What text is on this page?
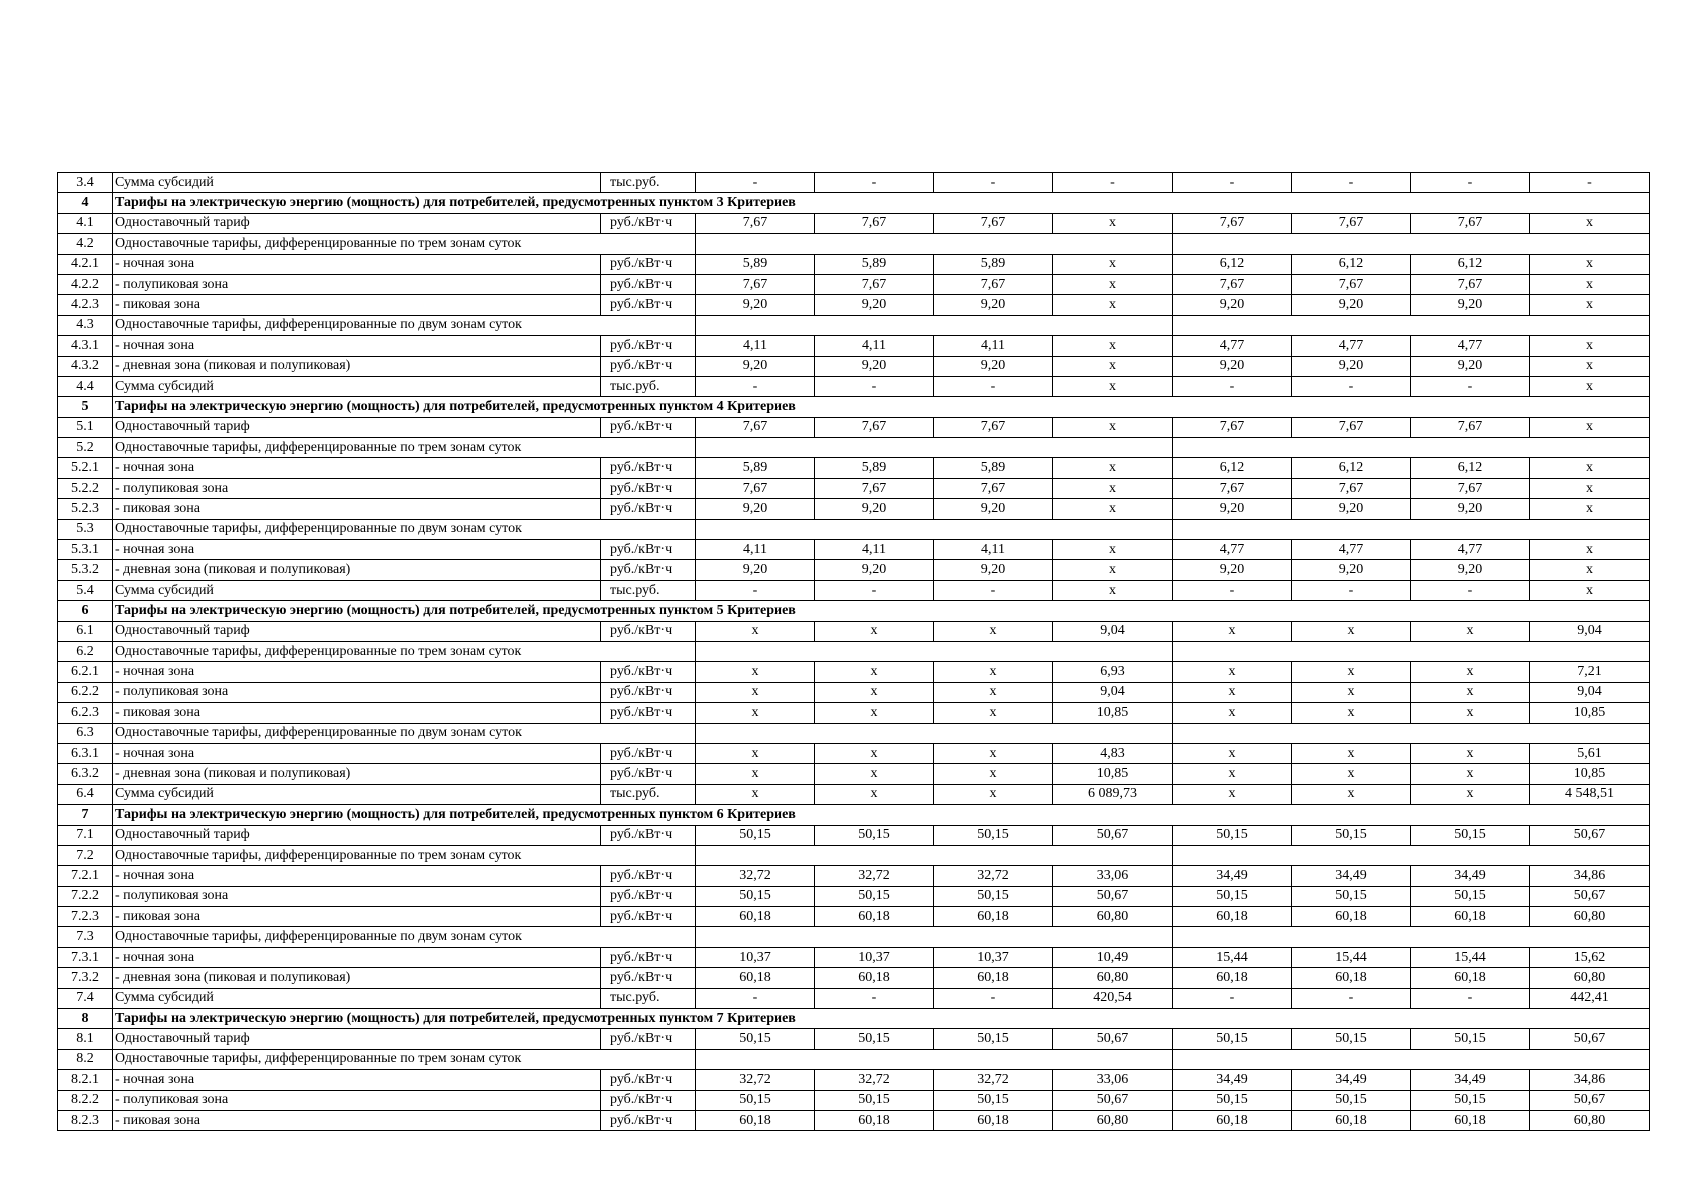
3.4	Сумма субсидий	тыс.руб.	-	-	-	-	-	-	-	-
4	Тарифы на электрическую энергию (мощность) для потребителей, предусмотренных пунктом 3 Критериев									
4.1	Одноставочный тариф	руб./кВт·ч	7,67	7,67	7,67	x	7,67	7,67	7,67	x
4.2	Одноставочные тарифы, дифференцированные по трем зонам суток									
4.2.1	- ночная зона	руб./кВт·ч	5,89	5,89	5,89	x	6,12	6,12	6,12	x
4.2.2	- полупиковая зона	руб./кВт·ч	7,67	7,67	7,67	x	7,67	7,67	7,67	x
4.2.3	- пиковая зона	руб./кВт·ч	9,20	9,20	9,20	x	9,20	9,20	9,20	x
4.3	Одноставочные тарифы, дифференцированные по двум зонам суток									
4.3.1	- ночная зона	руб./кВт·ч	4,11	4,11	4,11	x	4,77	4,77	4,77	x
4.3.2	- дневная зона (пиковая и полупиковая)	руб./кВт·ч	9,20	9,20	9,20	x	9,20	9,20	9,20	x
4.4	Сумма субсидий	тыс.руб.	-	-	-	x	-	-	-	x
5	Тарифы на электрическую энергию (мощность) для потребителей, предусмотренных пунктом 4 Критериев									
5.1	Одноставочный тариф	руб./кВт·ч	7,67	7,67	7,67	x	7,67	7,67	7,67	x
5.2	Одноставочные тарифы, дифференцированные по трем зонам суток									
5.2.1	- ночная зона	руб./кВт·ч	5,89	5,89	5,89	x	6,12	6,12	6,12	x
5.2.2	- полупиковая зона	руб./кВт·ч	7,67	7,67	7,67	x	7,67	7,67	7,67	x
5.2.3	- пиковая зона	руб./кВт·ч	9,20	9,20	9,20	x	9,20	9,20	9,20	x
5.3	Одноставочные тарифы, дифференцированные по двум зонам суток									
5.3.1	- ночная зона	руб./кВт·ч	4,11	4,11	4,11	x	4,77	4,77	4,77	x
5.3.2	- дневная зона (пиковая и полупиковая)	руб./кВт·ч	9,20	9,20	9,20	x	9,20	9,20	9,20	x
5.4	Сумма субсидий	тыс.руб.	-	-	-	x	-	-	-	x
6	Тарифы на электрическую энергию (мощность) для потребителей, предусмотренных пунктом 5 Критериев									
6.1	Одноставочный тариф	руб./кВт·ч	x	x	x	9,04	x	x	x	9,04
6.2	Одноставочные тарифы, дифференцированные по трем зонам суток									
6.2.1	- ночная зона	руб./кВт·ч	x	x	x	6,93	x	x	x	7,21
6.2.2	- полупиковая зона	руб./кВт·ч	x	x	x	9,04	x	x	x	9,04
6.2.3	- пиковая зона	руб./кВт·ч	x	x	x	10,85	x	x	x	10,85
6.3	Одноставочные тарифы, дифференцированные по двум зонам суток									
6.3.1	- ночная зона	руб./кВт·ч	x	x	x	4,83	x	x	x	5,61
6.3.2	- дневная зона (пиковая и полупиковая)	руб./кВт·ч	x	x	x	10,85	x	x	x	10,85
6.4	Сумма субсидий	тыс.руб.	x	x	x	6 089,73	x	x	x	4 548,51
7	Тарифы на электрическую энергию (мощность) для потребителей, предусмотренных пунктом 6 Критериев									
7.1	Одноставочный тариф	руб./кВт·ч	50,15	50,15	50,15	50,67	50,15	50,15	50,15	50,67
7.2	Одноставочные тарифы, дифференцированные по трем зонам суток									
7.2.1	- ночная зона	руб./кВт·ч	32,72	32,72	32,72	33,06	34,49	34,49	34,49	34,86
7.2.2	- полупиковая зона	руб./кВт·ч	50,15	50,15	50,15	50,67	50,15	50,15	50,15	50,67
7.2.3	- пиковая зона	руб./кВт·ч	60,18	60,18	60,18	60,80	60,18	60,18	60,18	60,80
7.3	Одноставочные тарифы, дифференцированные по двум зонам суток									
7.3.1	- ночная зона	руб./кВт·ч	10,37	10,37	10,37	10,49	15,44	15,44	15,44	15,62
7.3.2	- дневная зона (пиковая и полупиковая)	руб./кВт·ч	60,18	60,18	60,18	60,80	60,18	60,18	60,18	60,80
7.4	Сумма субсидий	тыс.руб.	-	-	-	420,54	-	-	-	442,41
8	Тарифы на электрическую энергию (мощность) для потребителей, предусмотренных пунктом 7 Критериев									
8.1	Одноставочный тариф	руб./кВт·ч	50,15	50,15	50,15	50,67	50,15	50,15	50,15	50,67
8.2	Одноставочные тарифы, дифференцированные по трем зонам суток									
8.2.1	- ночная зона	руб./кВт·ч	32,72	32,72	32,72	33,06	34,49	34,49	34,49	34,86
8.2.2	- полупиковая зона	руб./кВт·ч	50,15	50,15	50,15	50,67	50,15	50,15	50,15	50,67
8.2.3	- пиковая зона	руб./кВт·ч	60,18	60,18	60,18	60,80	60,18	60,18	60,18	60,80
